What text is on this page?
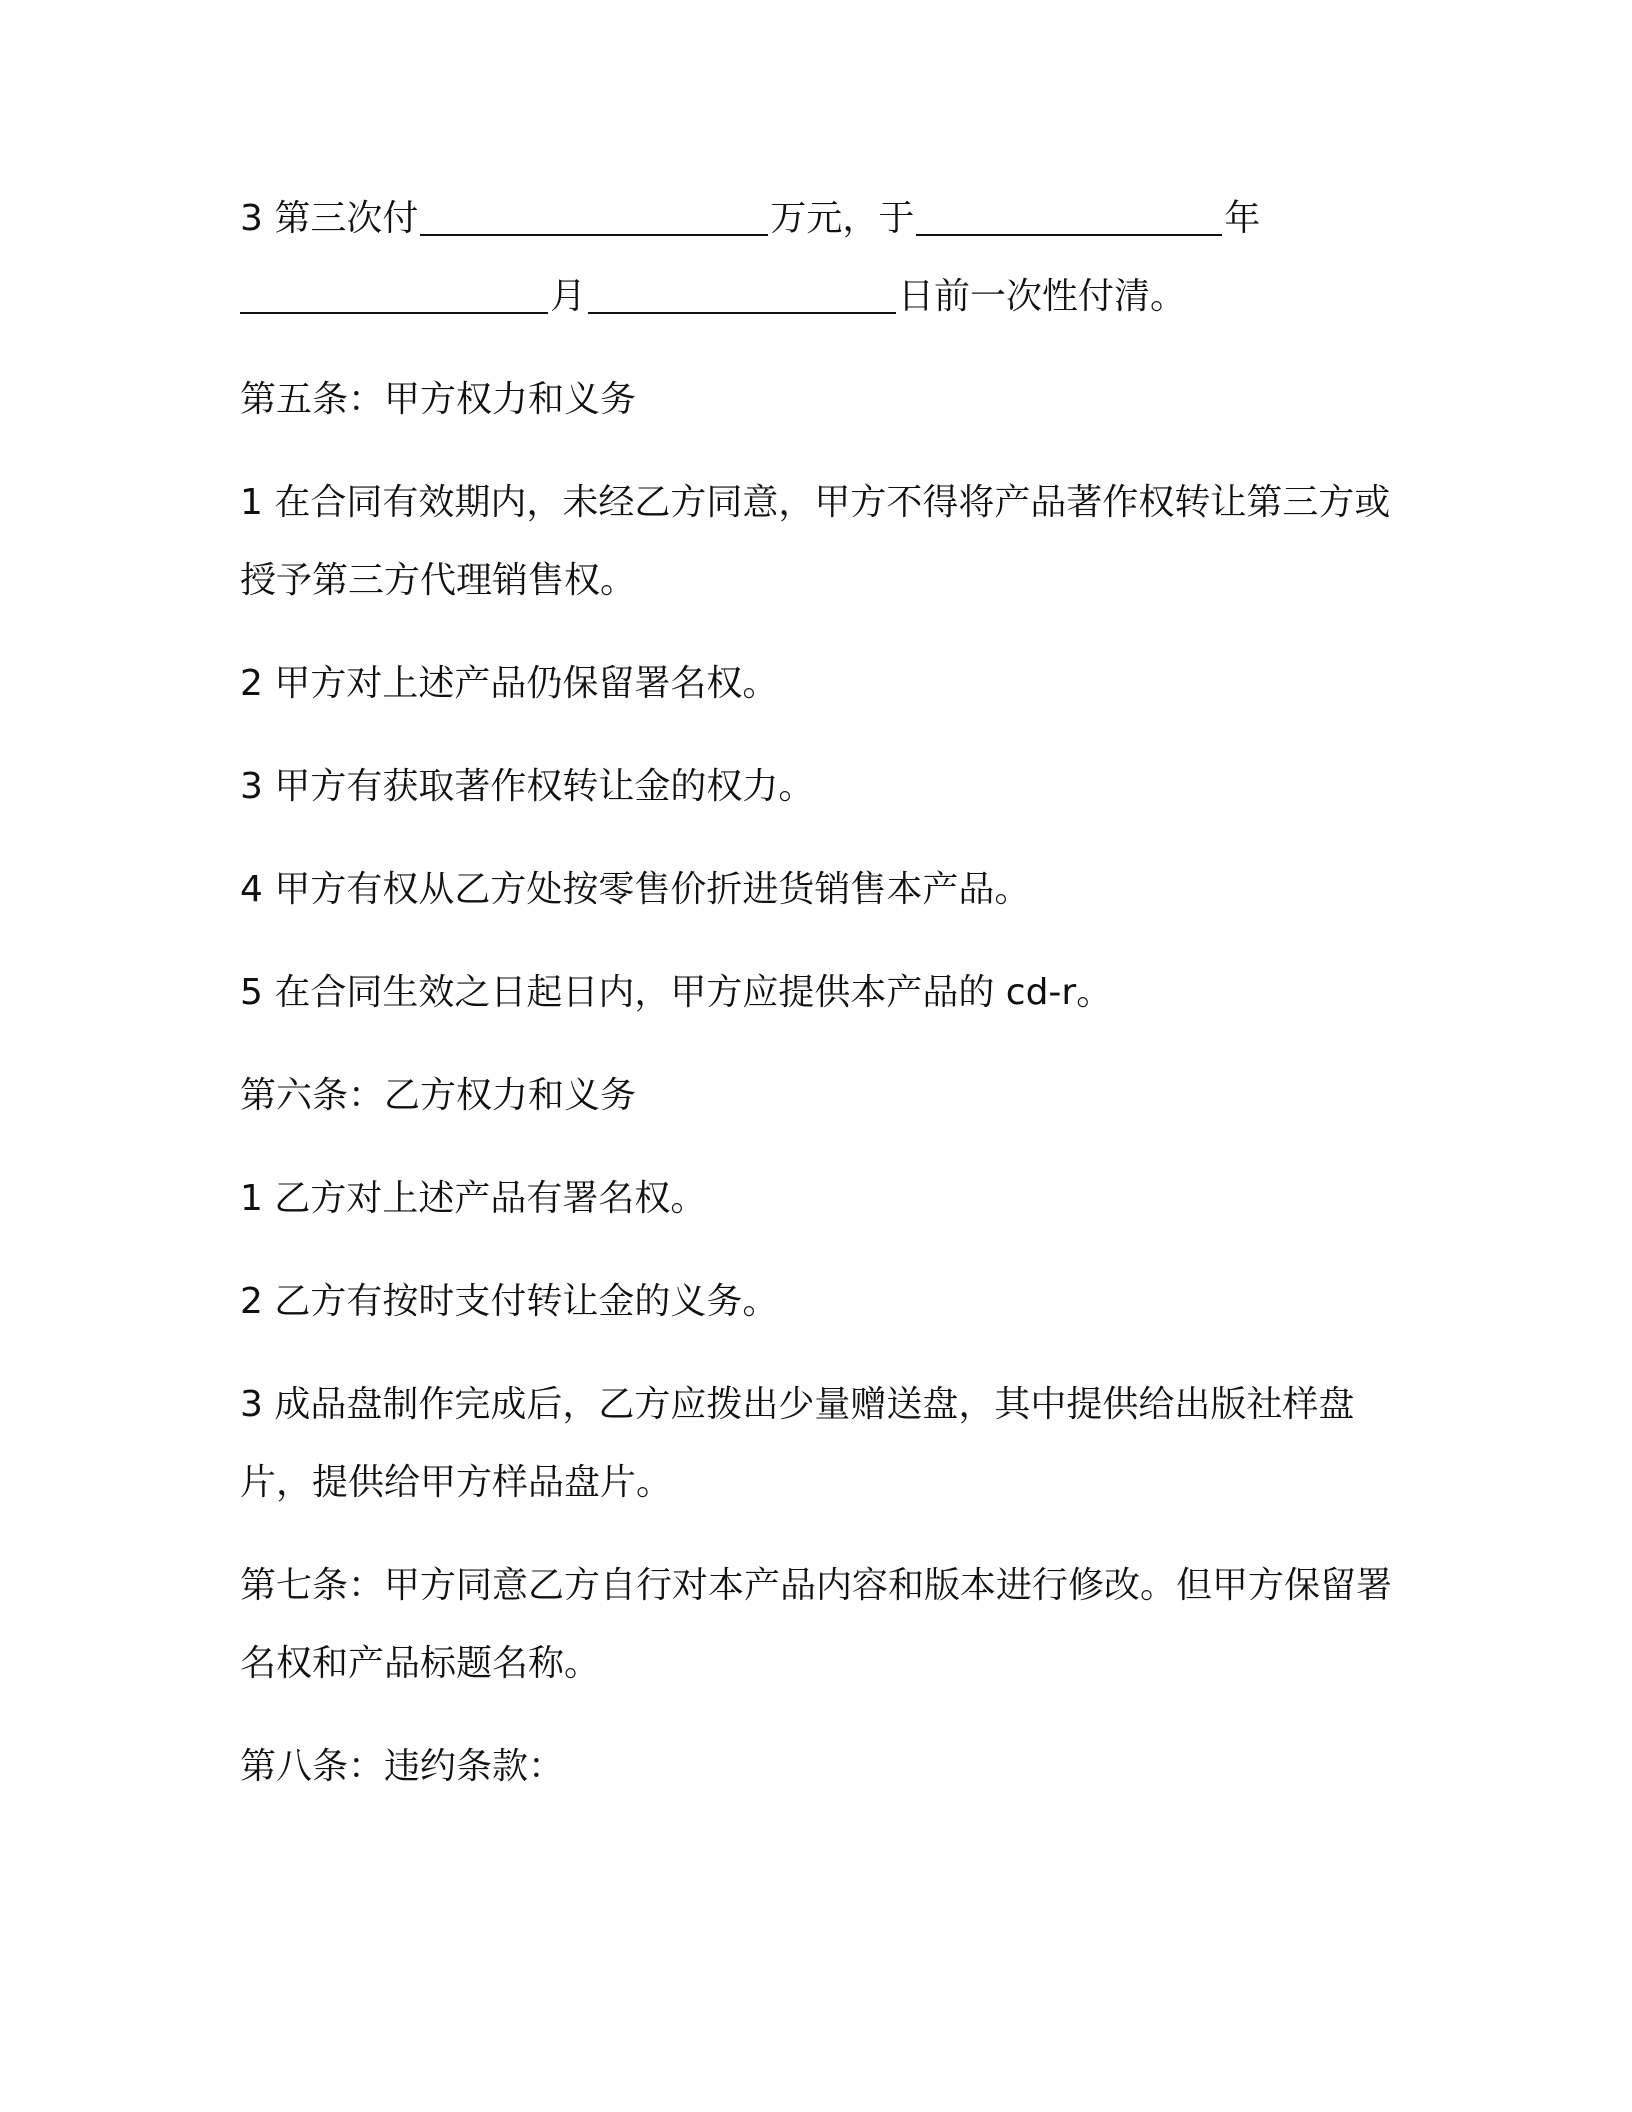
3 第三次付	万元，于	年
月	日前一次性付清。

第五条：甲方权力和义务

1 在合同有效期内，未经乙方同意，甲方不得将产品著作权转让第三方或授予第三方代理销售权。

2 甲方对上述产品仍保留署名权。

3 甲方有获取著作权转让金的权力。

4 甲方有权从乙方处按零售价折进货销售本产品。

5 在合同生效之日起日内，甲方应提供本产品的 cd-r。

第六条：乙方权力和义务

1 乙方对上述产品有署名权。

2 乙方有按时支付转让金的义务。

3 成品盘制作完成后，乙方应拨出少量赠送盘，其中提供给出版社样盘片，提供给甲方样品盘片。

第七条：甲方同意乙方自行对本产品内容和版本进行修改。但甲方保留署名权和产品标题名称。

第八条：违约条款：
